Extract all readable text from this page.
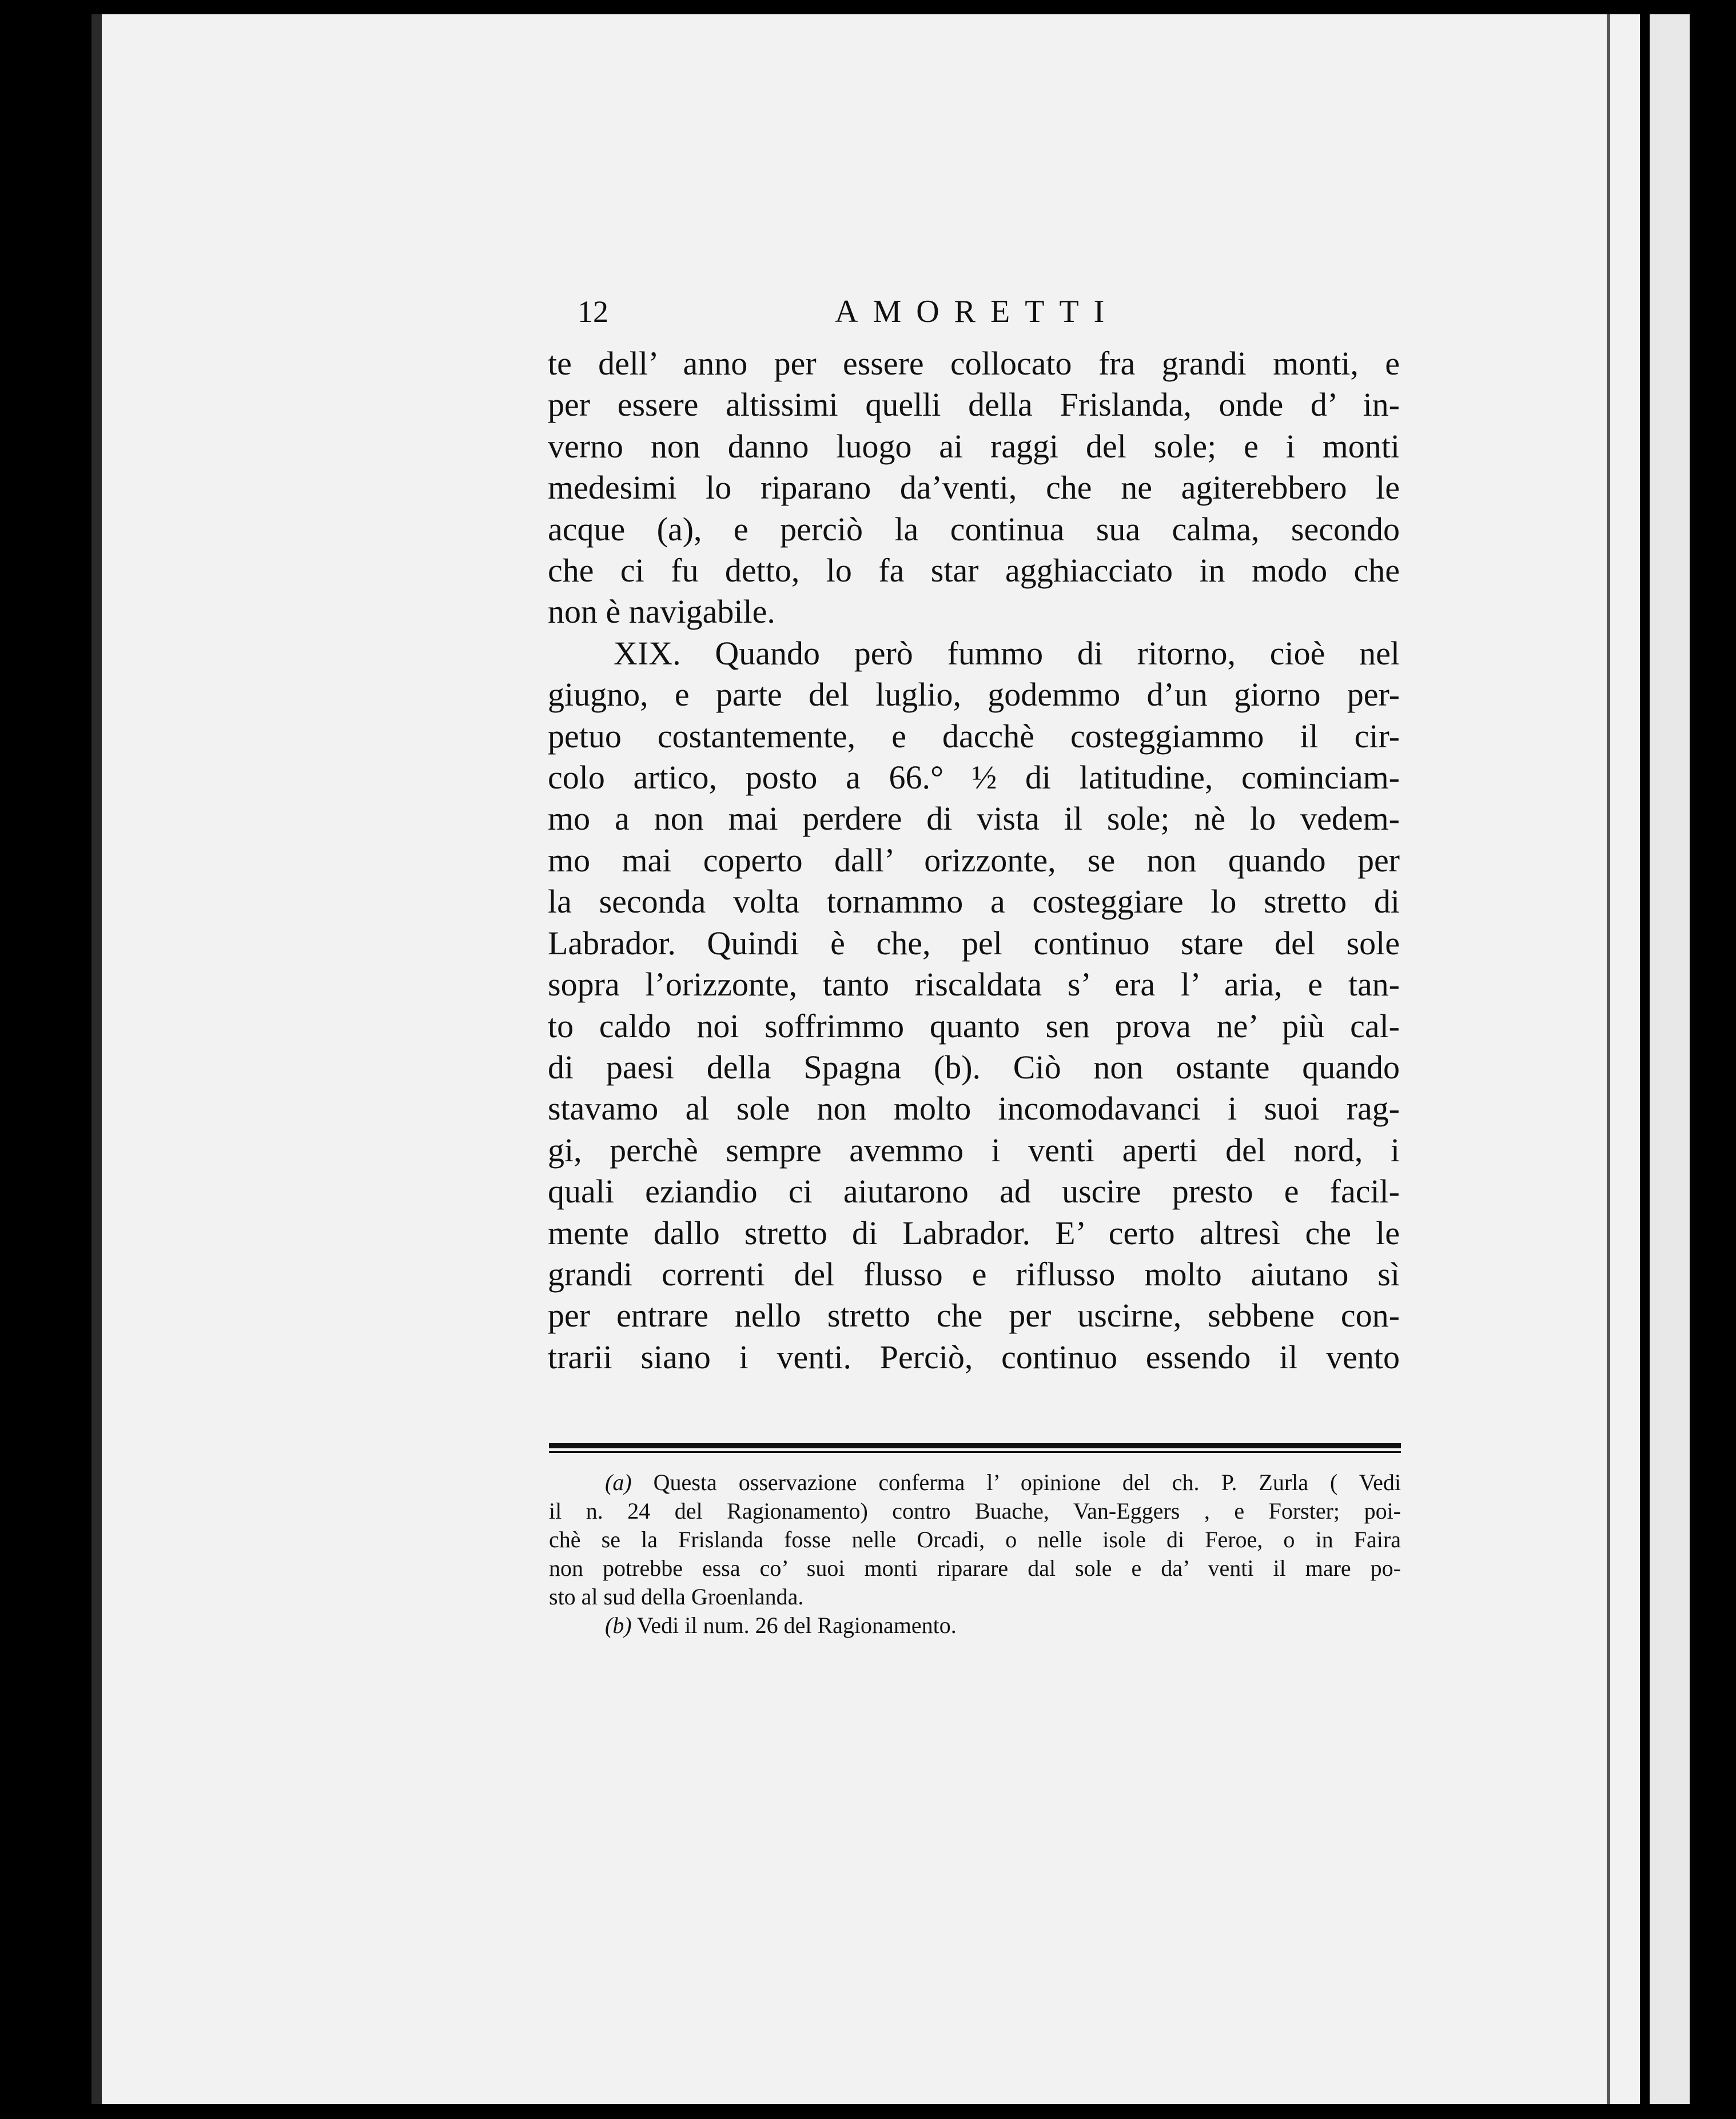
12	AMORETTI
te dell’ anno per essere collocato fra grandi monti, e
per essere altissimi quelli della Frislanda, onde d’ in-
verno non danno luogo ai raggi del sole; e i monti
medesimi lo riparano da’venti, che ne agiterebbero le
acque (a), e perciò la continua sua calma, secondo
che ci fu detto, lo fa star agghiacciato in modo che
non è navigabile.
XIX. Quando però fummo di ritorno, cioè nel
giugno, e parte del luglio, godemmo d’un giorno per-
petuo costantemente, e dacchè costeggiammo il cir-
colo artico, posto a 66.° ½ di latitudine, cominciam-
mo a non mai perdere di vista il sole; nè lo vedem-
mo mai coperto dall’ orizzonte, se non quando per
la seconda volta tornammo a costeggiare lo stretto di
Labrador. Quindi è che, pel continuo stare del sole
sopra l’orizzonte, tanto riscaldata s’ era l’ aria, e tan-
to caldo noi soffrimmo quanto sen prova ne’ più cal-
di paesi della Spagna (b). Ciò non ostante quando
stavamo al sole non molto incomodavanci i suoi rag-
gi, perchè sempre avemmo i venti aperti del nord, i
quali eziandio ci aiutarono ad uscire presto e facil-
mente dallo stretto di Labrador. E’ certo altresì che le
grandi correnti del flusso e riflusso molto aiutano sì
per entrare nello stretto che per uscirne, sebbene con-
trarii siano i venti. Perciò, continuo essendo il vento
(a) Questa osservazione conferma l’ opinione del ch. P. Zurla ( Vedi
il n. 24 del Ragionamento) contro Buache, Van-Eggers , e Forster; poi-
chè se la Frislanda fosse nelle Orcadi, o nelle isole di Feroe, o in Faira
non potrebbe essa co’ suoi monti riparare dal sole e da’ venti il mare po-
sto al sud della Groenlanda.
(b) Vedi il num. 26 del Ragionamento.
